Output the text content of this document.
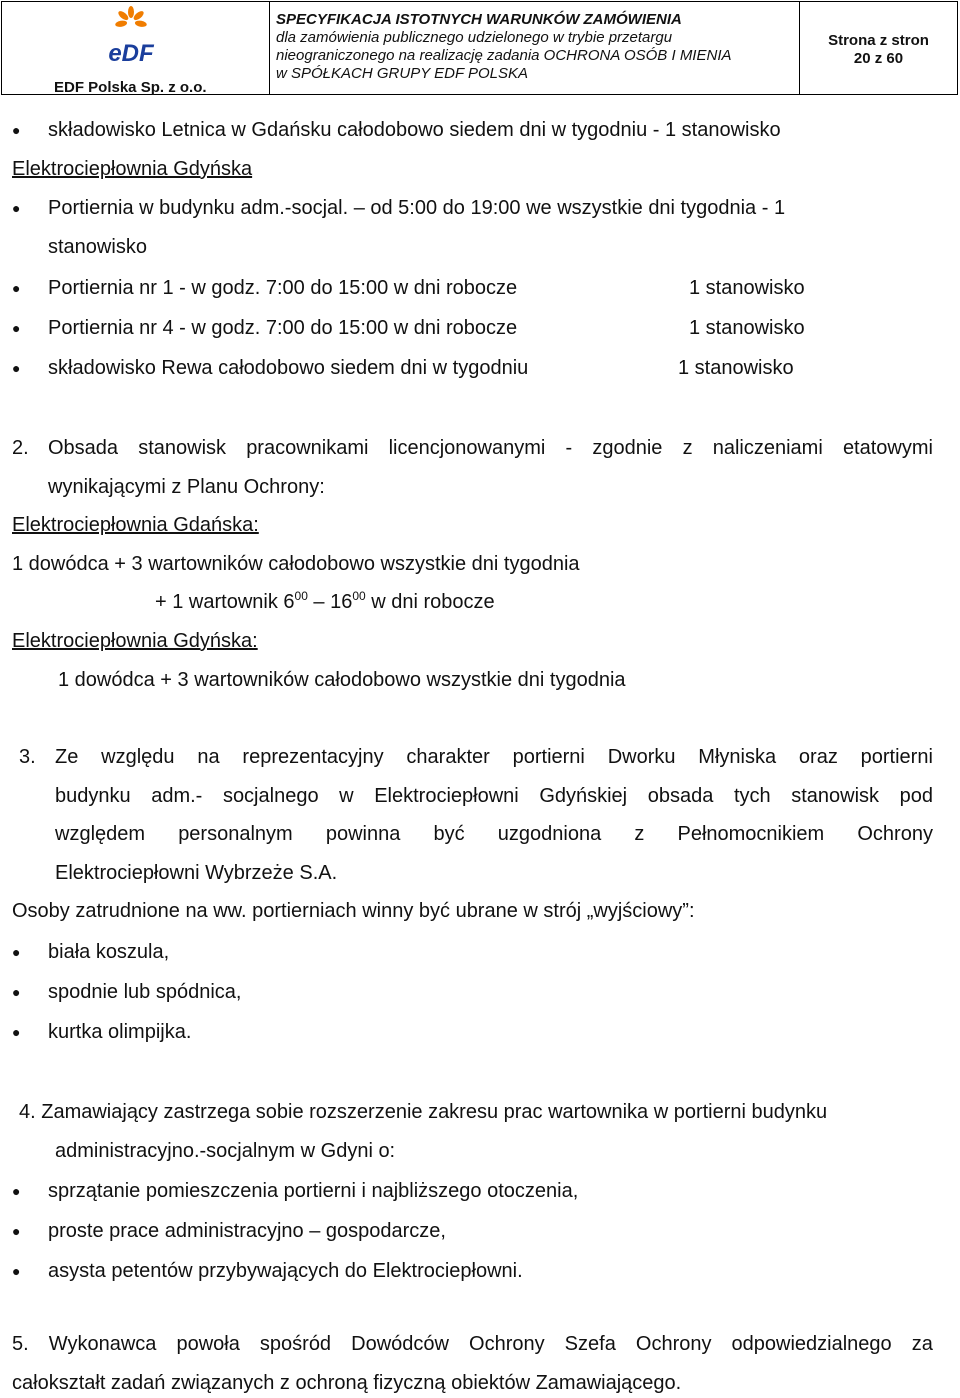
eDF
EDF Polska Sp. z o.o.
SPECYFIKACJA ISTOTNYCH WARUNKÓW ZAMÓWIENIA
dla zamówienia publicznego udzielonego w trybie przetargu
nieograniczonego na realizację zadania OCHRONA OSÓB I MIENIA
w SPÓŁKACH GRUPY EDF POLSKA
Strona z stron
20 z 60
● składowisko Letnica w Gdańsku całodobowo siedem dni w tygodniu - 1 stanowisko
Elektrociepłownia Gdyńska
● Portiernia w budynku adm.-socjal. – od 5:00 do 19:00 we wszystkie dni tygodnia - 1
stanowisko
● Portiernia nr 1 - w godz. 7:00 do 15:00 w dni robocze	1 stanowisko
● Portiernia nr 4 - w godz. 7:00 do 15:00 w dni robocze	1 stanowisko
● składowisko Rewa całodobowo siedem dni w tygodniu	1 stanowisko
2. Obsada stanowisk pracownikami licencjonowanymi - zgodnie z naliczeniami etatowymi
wynikającymi z Planu Ochrony:
Elektrociepłownia Gdańska:
1 dowódca + 3 wartowników całodobowo wszystkie dni tygodnia
+ 1 wartownik $6^{00} - 16^{00}$ w dni robocze
Elektrociepłownia Gdyńska:
1 dowódca + 3 wartowników całodobowo wszystkie dni tygodnia
3. Ze względu na reprezentacyjny charakter portierni Dworku Młyniska oraz portierni
budynku adm.- socjalnego w Elektrociepłowni Gdyńskiej obsada tych stanowisk pod
względem personalnym powinna być uzgodniona z Pełnomocnikiem Ochrony
Elektrociepłowni Wybrzeże S.A.
Osoby zatrudnione na ww. portierniach winny być ubrane w strój „wyjściowy”:
● biała koszula,
● spodnie lub spódnica,
● kurtka olimpijka.
4. Zamawiający zastrzega sobie rozszerzenie zakresu prac wartownika w portierni budynku
administracyjno.-socjalnym w Gdyni o:
● sprzątanie pomieszczenia portierni i najbliższego otoczenia,
● proste prace administracyjno – gospodarcze,
● asysta petentów przybywających do Elektrociepłowni.
5. Wykonawca powoła spośród Dowódców Ochrony Szefa Ochrony odpowiedzialnego za
całokształt zadań związanych z ochroną fizyczną obiektów Zamawiającego.
